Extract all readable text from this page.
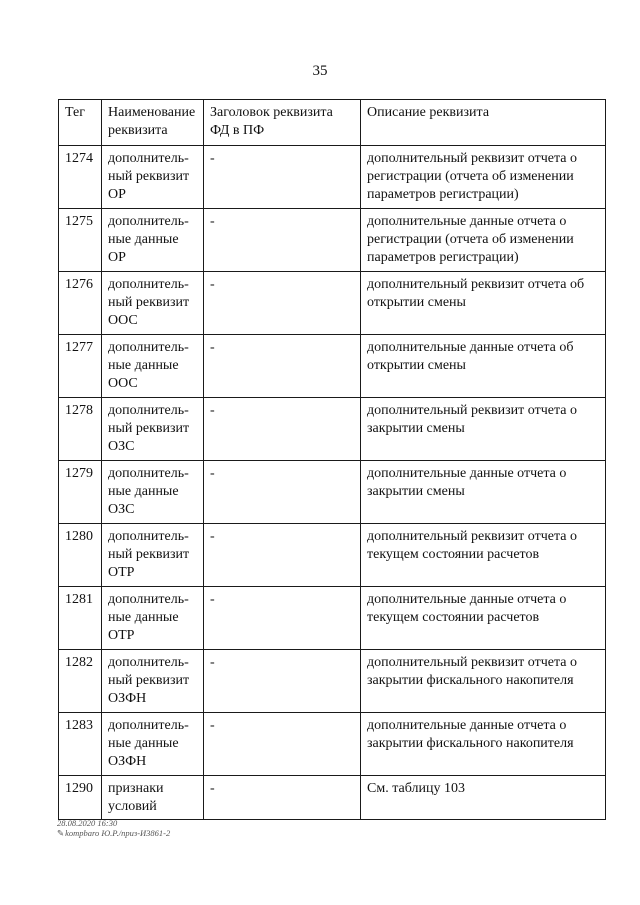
35
Тег	Наименование реквизита	Заголовок реквизита ФД в ПФ	Описание реквизита
1274	дополнитель-ный реквизит ОР	-	дополнительный реквизит отчета о регистрации (отчета об изменении параметров регистрации)
1275	дополнитель-ные данные ОР	-	дополнительные данные отчета о регистрации (отчета об изменении параметров регистрации)
1276	дополнитель-ный реквизит ООС	-	дополнительный реквизит отчета об открытии смены
1277	дополнитель-ные данные ООС	-	дополнительные данные отчета об открытии смены
1278	дополнитель-ный реквизит ОЗС	-	дополнительный реквизит отчета о закрытии смены
1279	дополнитель-ные данные ОЗС	-	дополнительные данные отчета о закрытии смены
1280	дополнитель-ный реквизит ОТР	-	дополнительный реквизит отчета о текущем состоянии расчетов
1281	дополнитель-ные данные ОТР	-	дополнительные данные отчета о текущем состоянии расчетов
1282	дополнитель-ный реквизит ОЗФН	-	дополнительный реквизит отчета о закрытии фискального накопителя
1283	дополнитель-ные данные ОЗФН	-	дополнительные данные отчета о закрытии фискального накопителя
1290	признаки условий	-	См. таблицу 103
28.08.2020 16:30
✎kompbaro Ю.Р./приз-И3861-2
